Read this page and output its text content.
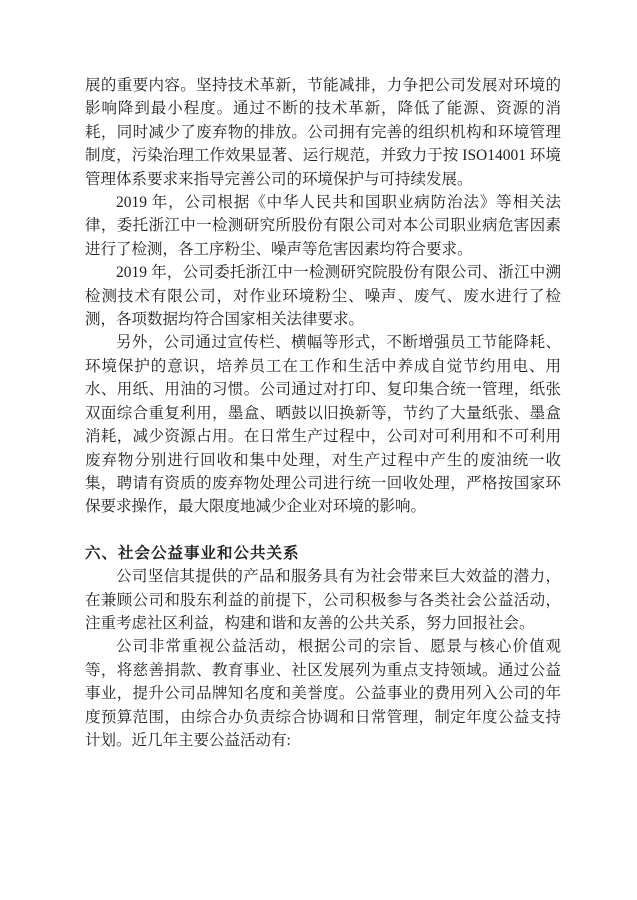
展的重要内容。坚持技术革新，节能减排，力争把公司发展对环境的影响降到最小程度。通过不断的技术革新，降低了能源、资源的消耗，同时减少了废弃物的排放。公司拥有完善的组织机构和环境管理制度，污染治理工作效果显著、运行规范，并致力于按 ISO14001 环境管理体系要求来指导完善公司的环境保护与可持续发展。

2019 年，公司根据《中华人民共和国职业病防治法》等相关法律，委托浙江中一检测研究所股份有限公司对本公司职业病危害因素进行了检测，各工序粉尘、噪声等危害因素均符合要求。

2019 年，公司委托浙江中一检测研究院股份有限公司、浙江中溯检测技术有限公司，对作业环境粉尘、噪声、废气、废水进行了检测，各项数据均符合国家相关法律要求。

另外，公司通过宣传栏、横幅等形式，不断增强员工节能降耗、环境保护的意识，培养员工在工作和生活中养成自觉节约用电、用水、用纸、用油的习惯。公司通过对打印、复印集合统一管理，纸张双面综合重复利用，墨盒、晒鼓以旧换新等，节约了大量纸张、墨盒消耗，减少资源占用。在日常生产过程中，公司对可利用和不可利用废弃物分别进行回收和集中处理，对生产过程中产生的废油统一收集，聘请有资质的废弃物处理公司进行统一回收处理，严格按国家环保要求操作，最大限度地减少企业对环境的影响。

六、社会公益事业和公共关系

公司坚信其提供的产品和服务具有为社会带来巨大效益的潜力，在兼顾公司和股东利益的前提下，公司积极参与各类社会公益活动，注重考虑社区利益，构建和谐和友善的公共关系，努力回报社会。

公司非常重视公益活动，根据公司的宗旨、愿景与核心价值观等，将慈善捐款、教育事业、社区发展列为重点支持领域。通过公益事业，提升公司品牌知名度和美誉度。公益事业的费用列入公司的年度预算范围，由综合办负责综合协调和日常管理，制定年度公益支持计划。近几年主要公益活动有:
